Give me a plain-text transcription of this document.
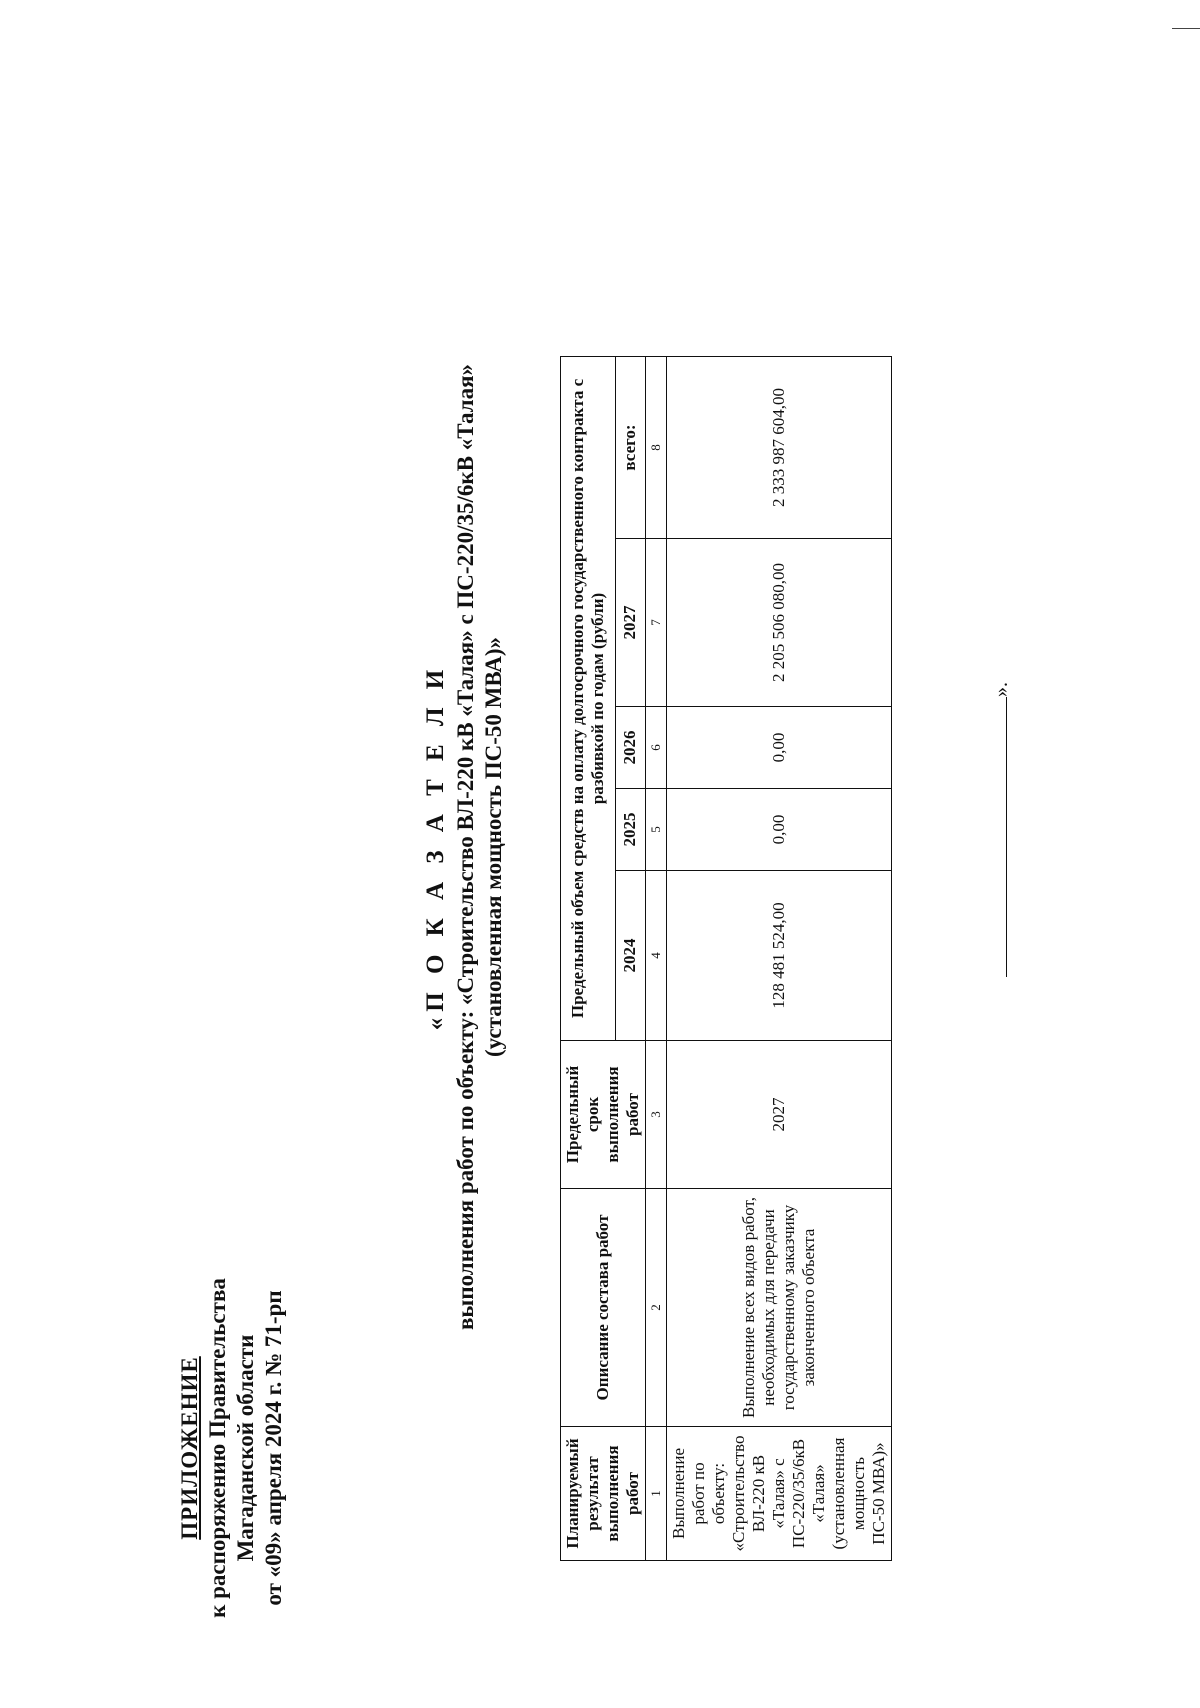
ПРИЛОЖЕНИЕ к распоряжению Правительства Магаданской области от «09» апреля 2024 г. № 71-рп
«П О К А З А Т Е Л И выполнения работ по объекту: «Строительство ВЛ-220 кВ «Талая» с ПС-220/35/6кВ «Талая» (установленная мощность ПС-50 МВА)»
Планируемый результат выполнения работ	Описание состава работ	Предельный срок выполнения работ	Предельный объем средств на оплату долгосрочного государственного контракта с разбивкой по годам (рубли)				
			2024	2025	2026	2027	всего:
1	2	3	4	5	6	7	8
Выполнение работ по объекту: «Строительство ВЛ-220 кВ «Талая» с ПС-220/35/6кВ «Талая» (установленная мощность ПС-50 МВА)»	Выполнение всех видов работ, необходимых для передачи государственному заказчику законченного объекта	2027	128 481 524,00	0,00	0,00	2 205 506 080,00	2 333 987 604,00
».
